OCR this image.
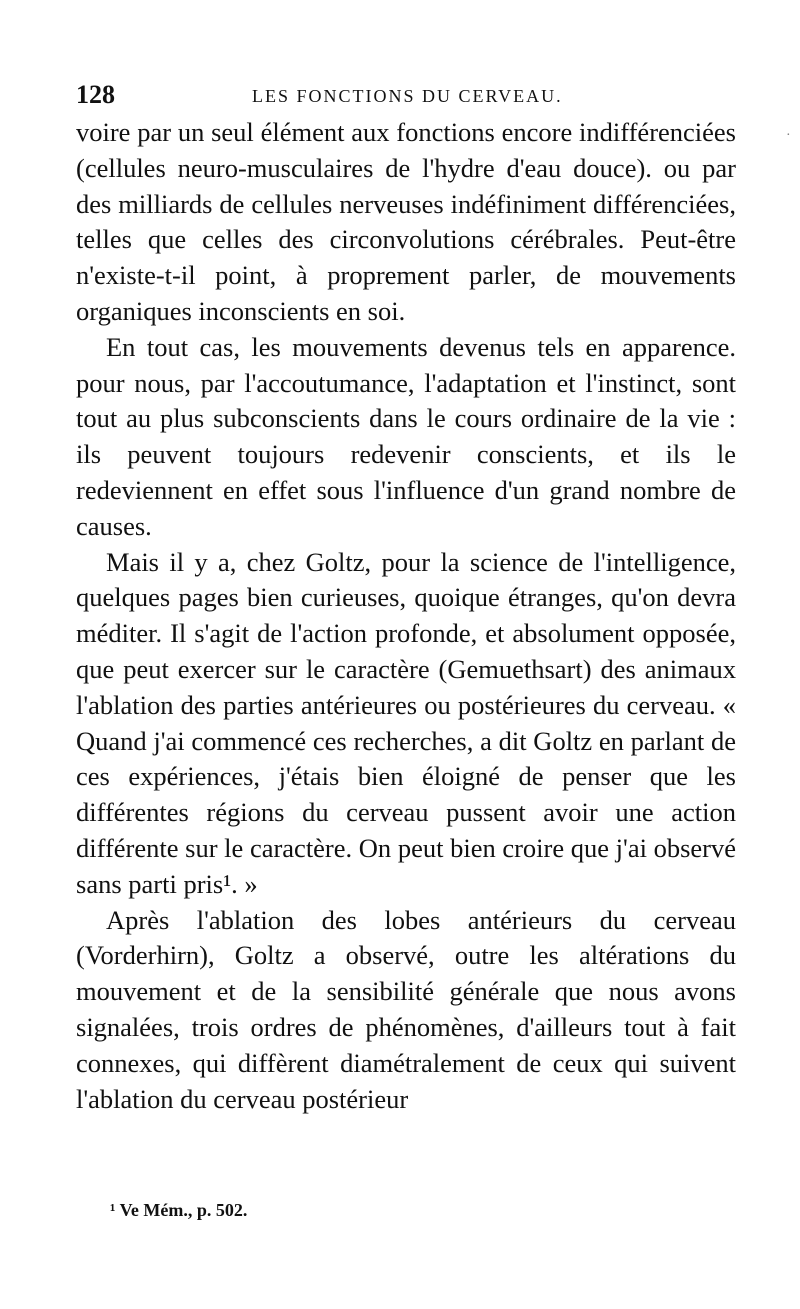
128	LES FONCTIONS DU CERVEAU.

voire par un seul élément aux fonctions encore indifférenciées (cellules neuro-musculaires de l'hydre d'eau douce). ou par des milliards de cellules nerveuses indéfiniment différenciées, telles que celles des circonvolutions cérébrales. Peut-être n'existe-t-il point, à proprement parler, de mouvements organiques inconscients en soi.

En tout cas, les mouvements devenus tels en apparence. pour nous, par l'accoutumance, l'adaptation et l'instinct, sont tout au plus subconscients dans le cours ordinaire de la vie : ils peuvent toujours redevenir conscients, et ils le redeviennent en effet sous l'influence d'un grand nombre de causes.

Mais il y a, chez Goltz, pour la science de l'intelligence, quelques pages bien curieuses, quoique étranges, qu'on devra méditer. Il s'agit de l'action profonde, et absolument opposée, que peut exercer sur le caractère (Gemuethsart) des animaux l'ablation des parties antérieures ou postérieures du cerveau. « Quand j'ai commencé ces recherches, a dit Goltz en parlant de ces expériences, j'étais bien éloigné de penser que les différentes régions du cerveau pussent avoir une action différente sur le caractère. On peut bien croire que j'ai observé sans parti pris¹. »

Après l'ablation des lobes antérieurs du cerveau (Vorderhirn), Goltz a observé, outre les altérations du mouvement et de la sensibilité générale que nous avons signalées, trois ordres de phénomènes, d'ailleurs tout à fait connexes, qui diffèrent diamétralement de ceux qui suivent l'ablation du cerveau postérieur

¹ Ve Mém., p. 502.
·
